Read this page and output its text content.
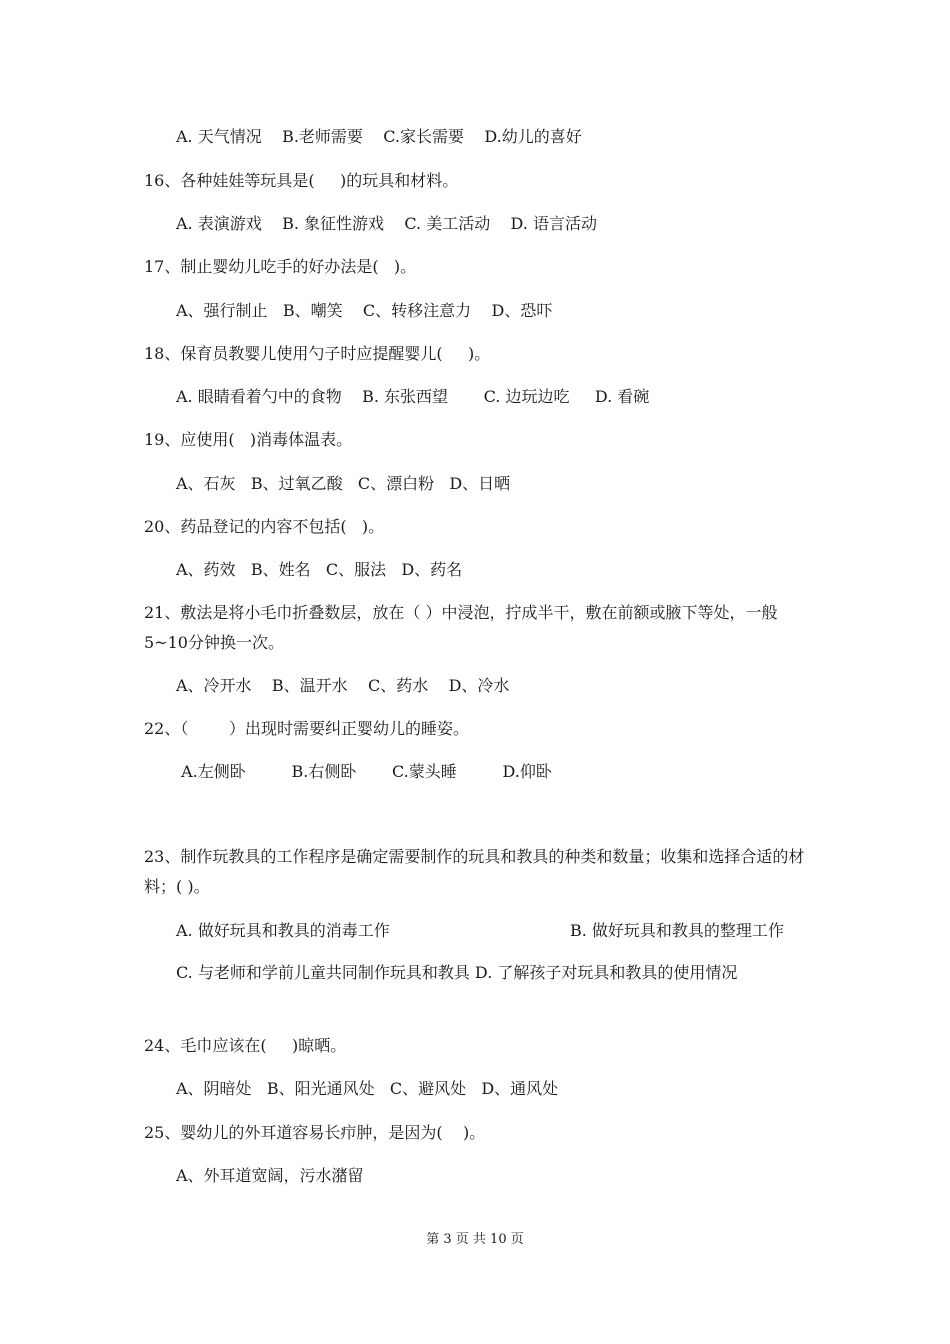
A. 天气情况    B.老师需要    C.家长需要    D.幼儿的喜好
16、各种娃娃等玩具是(     )的玩具和材料。
A. 表演游戏    B. 象征性游戏    C. 美工活动    D. 语言活动
17、制止婴幼儿吃手的好办法是(   )。
A、强行制止   B、嘲笑    C、转移注意力    D、恐吓
18、保育员教婴儿使用勺子时应提醒婴儿(     )。
A. 眼睛看着勺中的食物    B. 东张西望       C. 边玩边吃     D. 看碗
19、应使用(   )消毒体温表。
A、石灰   B、过氧乙酸   C、漂白粉   D、日晒
20、药品登记的内容不包括(   )。
A、药效   B、姓名   C、服法   D、药名
21、敷法是将小毛巾折叠数层，放在（ ）中浸泡，拧成半干，敷在前额或腋下等处，一般5~10分钟换一次。
A、冷开水    B、温开水    C、药水    D、冷水
22、（        ）出现时需要纠正婴幼儿的睡姿。
A.左侧卧         B.右侧卧       C.蒙头睡         D.仰卧
23、制作玩教具的工作程序是确定需要制作的玩具和教具的种类和数量；收集和选择合适的材料；( )。
A. 做好玩具和教具的消毒工作	B. 做好玩具和教具的整理工作
C. 与老师和学前儿童共同制作玩具和教具 D. 了解孩子对玩具和教具的使用情况
24、毛巾应该在(     )晾晒。
A、阴暗处   B、阳光通风处   C、避风处   D、通风处
25、婴幼儿的外耳道容易长疖肿，是因为(    )。
A、外耳道宽阔，污水潴留
第 3 页 共 10 页
